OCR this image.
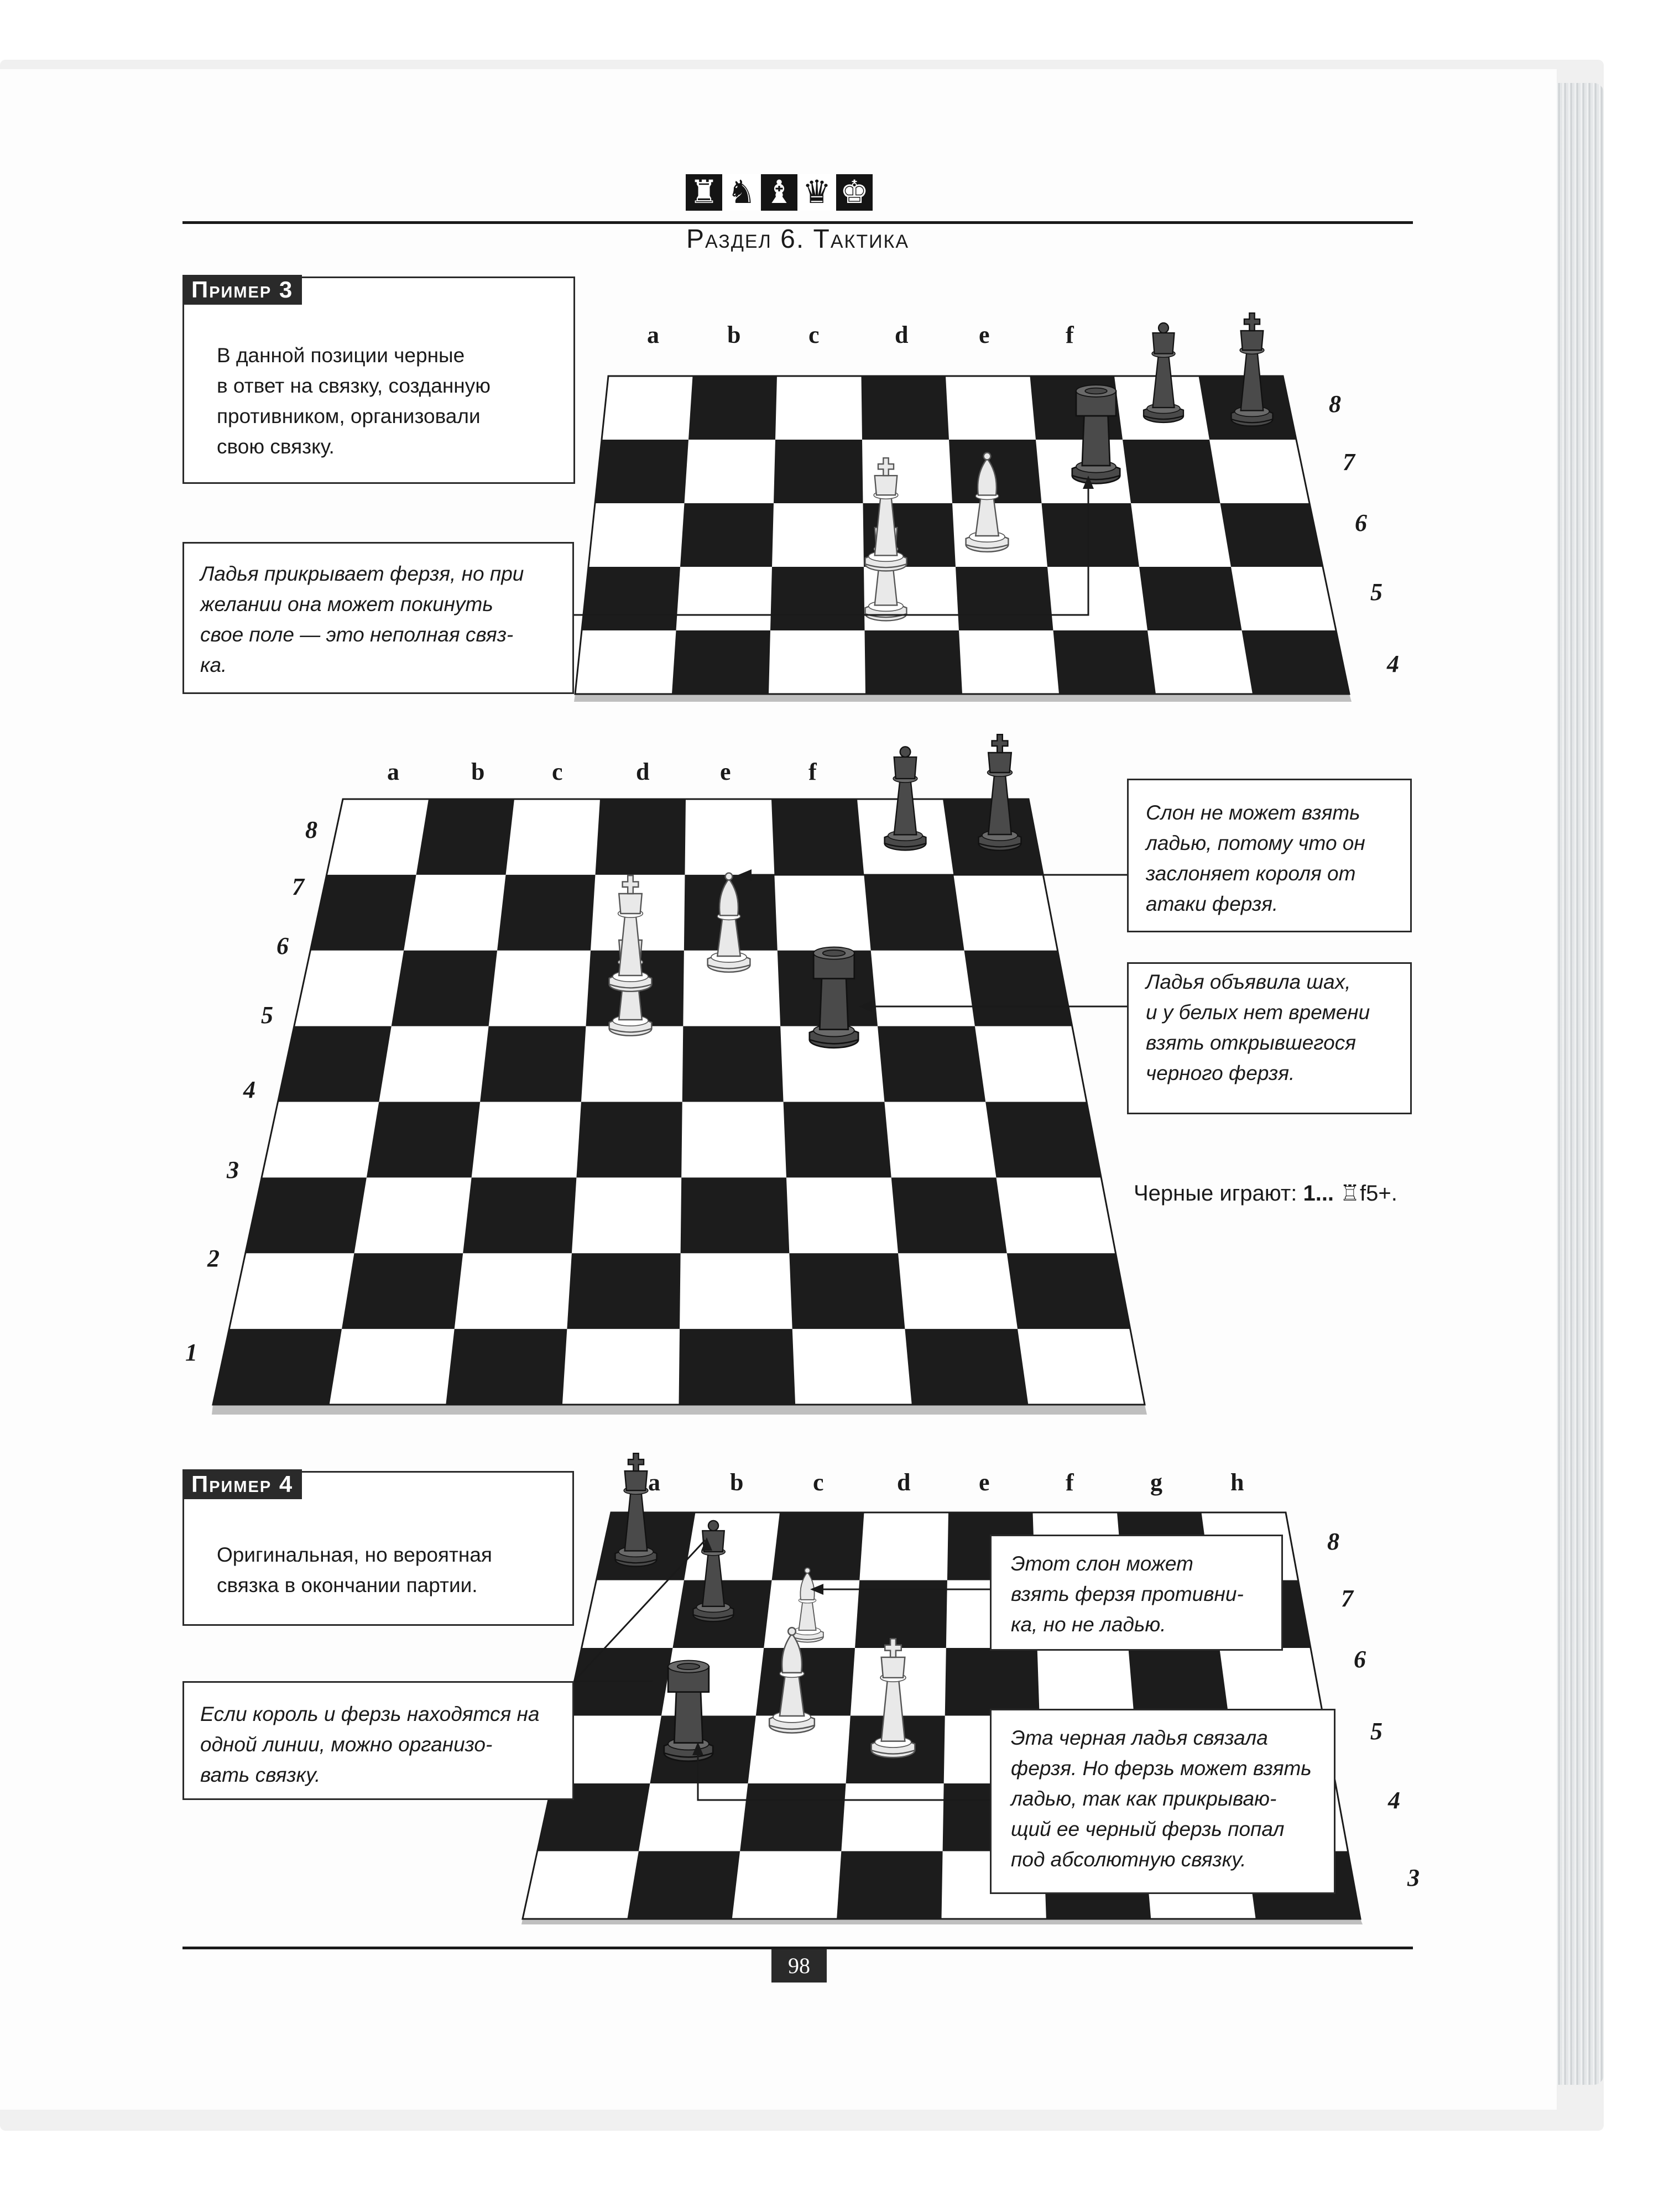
♜ ♞ ♝ ♛ ♚
Раздел 6. Тактика
Пример 3
В данной позиции черные
в ответ на связку, созданную
противником, организовали
свою связку.
Ладья прикрывает ферзя, но при
желании она может покинуть
свое поле — это неполная связ-
ка.
Слон не может взять
ладью, потому что он
заслоняет короля от
атаки ферзя.
Ладья объявила шах,
и у белых нет времени
взять открывшегося
черного ферзя.
Черные играют: 1... ♖f5+.
Пример 4
Оригинальная, но вероятная
связка в окончании партии.
Если король и ферзь находятся на
одной линии, можно организо-
вать связку.
Этот слон может
взять ферзя противни-
ка, но не ладью.
Эта черная ладья связала
ферзя. Но ферзь может взять
ладью, так как прикрываю-
щий ее черный ферзь попал
под абсолютную связку.
a	b	c	d	e	f
8
7
6
5
4
a	b	c	d	e	f
8
7
6
5
4
3
2
1
a	b	c	d	e	f	g	h
8
7
6
5
4
3
98
